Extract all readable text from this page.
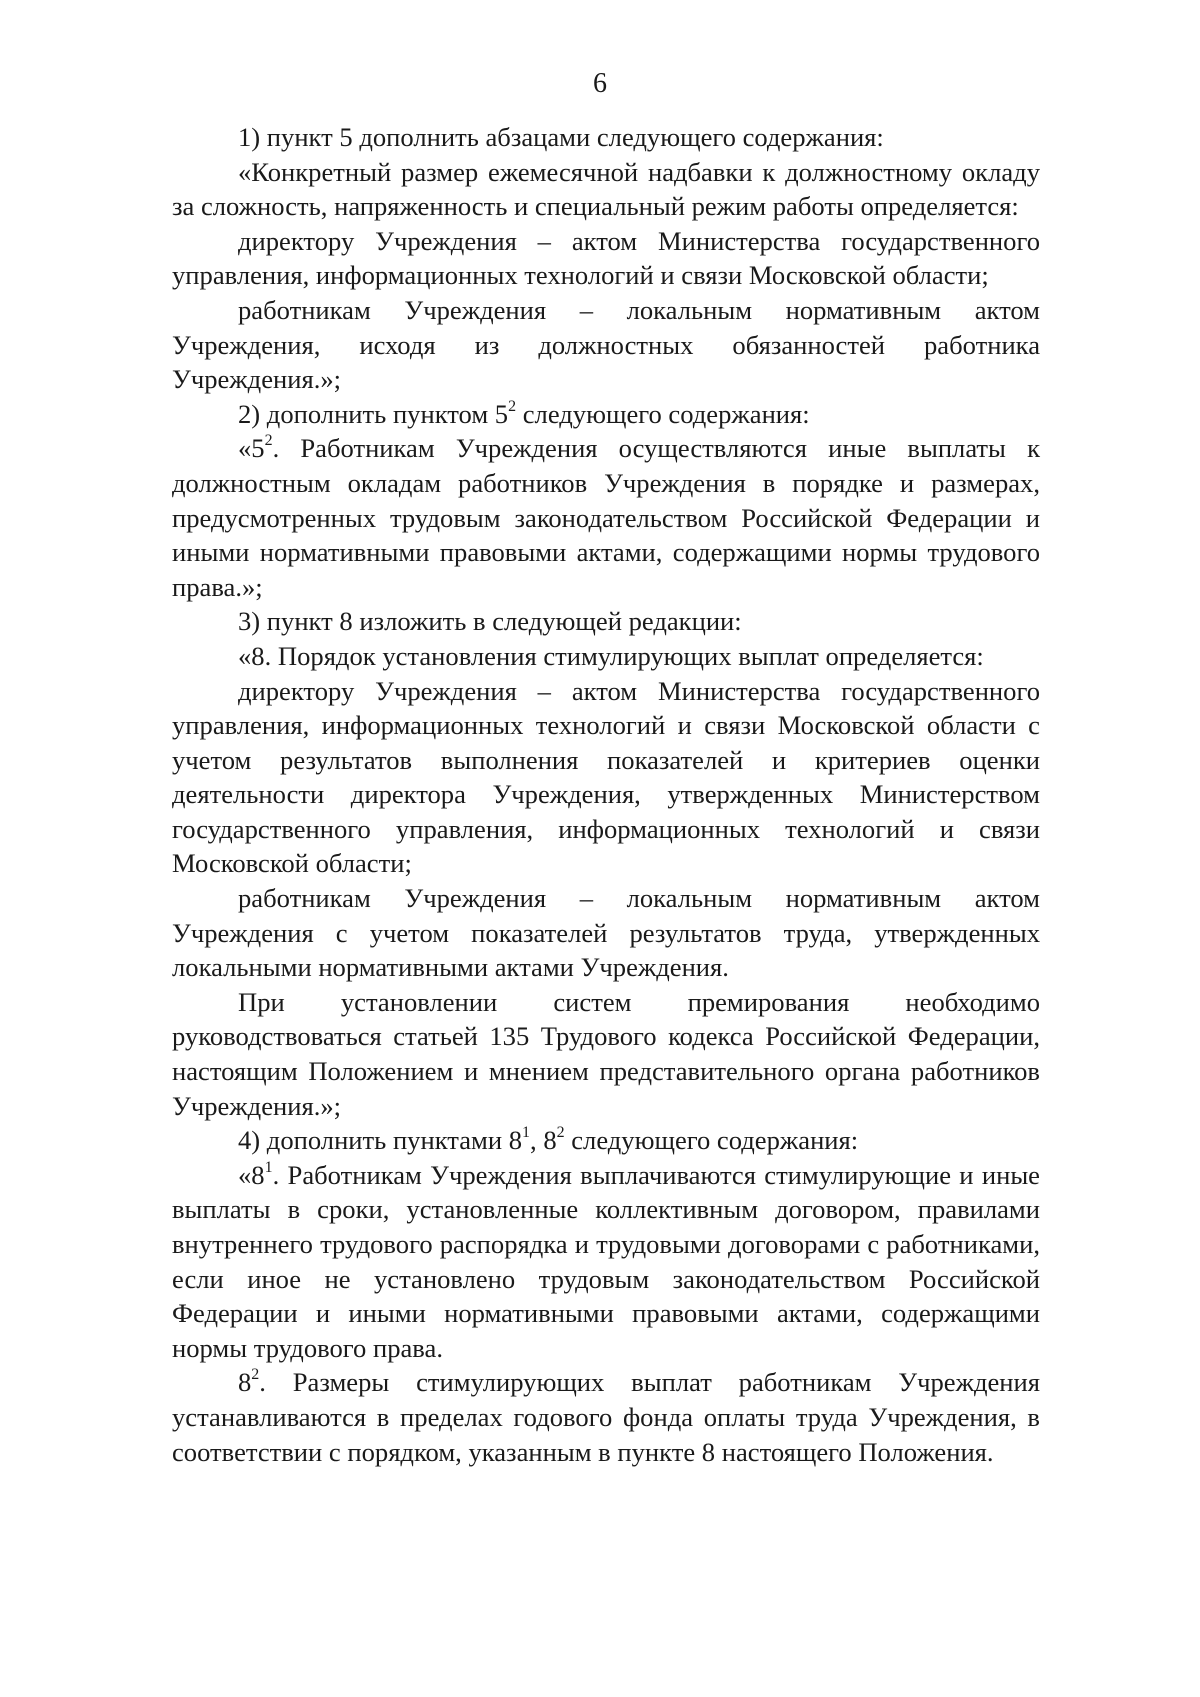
6

1) пункт 5 дополнить абзацами следующего содержания:

«Конкретный размер ежемесячной надбавки к должностному окладу за сложность, напряженность и специальный режим работы определяется:

директору Учреждения – актом Министерства государственного управления, информационных технологий и связи Московской области;

работникам Учреждения – локальным нормативным актом Учреждения, исходя из должностных обязанностей работника Учреждения.»;

2) дополнить пунктом $5^2$ следующего содержания:

«$5^2$. Работникам Учреждения осуществляются иные выплаты к должностным окладам работников Учреждения в порядке и размерах, предусмотренных трудовым законодательством Российской Федерации и иными нормативными правовыми актами, содержащими нормы трудового права.»;

3) пункт 8 изложить в следующей редакции:

«8. Порядок установления стимулирующих выплат определяется:

директору Учреждения – актом Министерства государственного управления, информационных технологий и связи Московской области с учетом результатов выполнения показателей и критериев оценки деятельности директора Учреждения, утвержденных Министерством государственного управления, информационных технологий и связи Московской области;

работникам Учреждения – локальным нормативным актом Учреждения с учетом показателей результатов труда, утвержденных локальными нормативными актами Учреждения.

При установлении систем премирования необходимо руководствоваться статьей 135 Трудового кодекса Российской Федерации, настоящим Положением и мнением представительного органа работников Учреждения.»;

4) дополнить пунктами $8^1$, $8^2$ следующего содержания:

«$8^1$. Работникам Учреждения выплачиваются стимулирующие и иные выплаты в сроки, установленные коллективным договором, правилами внутреннего трудового распорядка и трудовыми договорами с работниками, если иное не установлено трудовым законодательством Российской Федерации и иными нормативными правовыми актами, содержащими нормы трудового права.

$8^2$. Размеры стимулирующих выплат работникам Учреждения устанавливаются в пределах годового фонда оплаты труда Учреждения, в соответствии с порядком, указанным в пункте 8 настоящего Положения.
